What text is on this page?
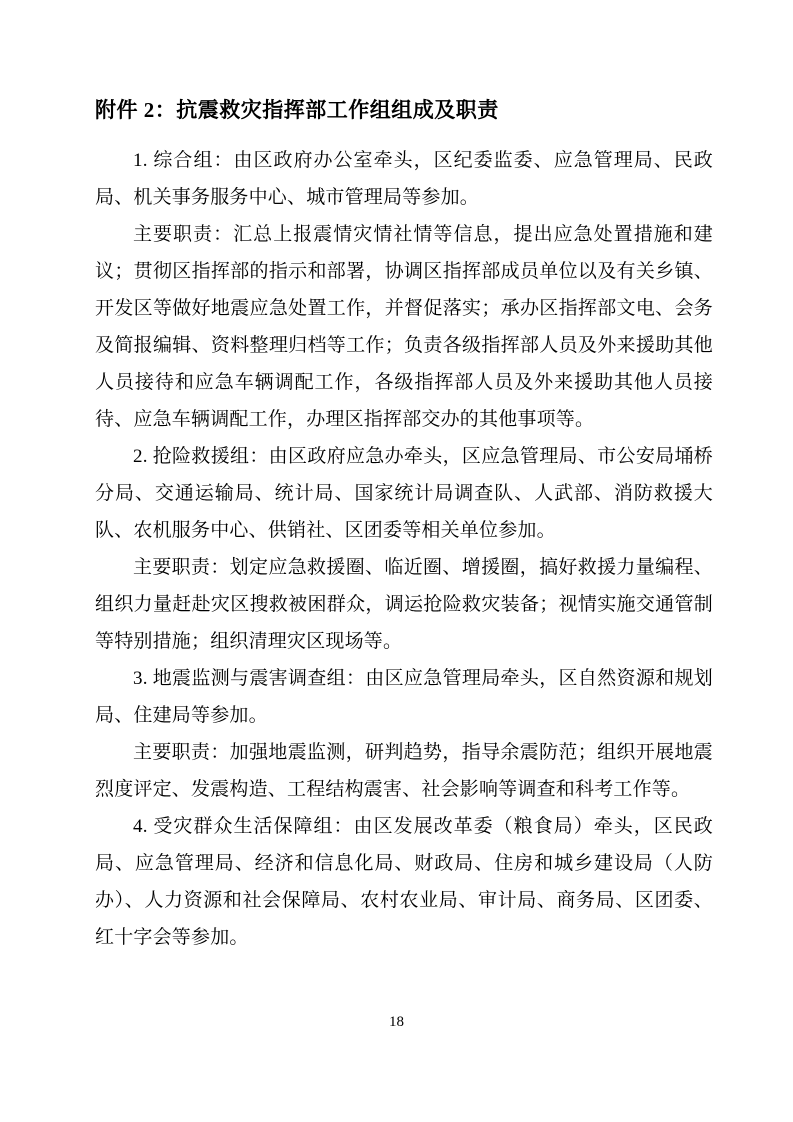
附件 2：抗震救灾指挥部工作组组成及职责

1. 综合组：由区政府办公室牵头，区纪委监委、应急管理局、民政局、机关事务服务中心、城市管理局等参加。

主要职责：汇总上报震情灾情社情等信息，提出应急处置措施和建议；贯彻区指挥部的指示和部署，协调区指挥部成员单位以及有关乡镇、开发区等做好地震应急处置工作，并督促落实；承办区指挥部文电、会务及简报编辑、资料整理归档等工作；负责各级指挥部人员及外来援助其他人员接待和应急车辆调配工作，各级指挥部人员及外来援助其他人员接待、应急车辆调配工作，办理区指挥部交办的其他事项等。

2. 抢险救援组：由区政府应急办牵头，区应急管理局、市公安局埇桥分局、交通运输局、统计局、国家统计局调查队、人武部、消防救援大队、农机服务中心、供销社、区团委等相关单位参加。

主要职责：划定应急救援圈、临近圈、增援圈，搞好救援力量编程、组织力量赶赴灾区搜救被困群众，调运抢险救灾装备；视情实施交通管制等特别措施；组织清理灾区现场等。

3. 地震监测与震害调查组：由区应急管理局牵头，区自然资源和规划局、住建局等参加。

主要职责：加强地震监测，研判趋势，指导余震防范；组织开展地震烈度评定、发震构造、工程结构震害、社会影响等调查和科考工作等。

4. 受灾群众生活保障组：由区发展改革委（粮食局）牵头，区民政局、应急管理局、经济和信息化局、财政局、住房和城乡建设局（人防办）、人力资源和社会保障局、农村农业局、审计局、商务局、区团委、红十字会等参加。

18
